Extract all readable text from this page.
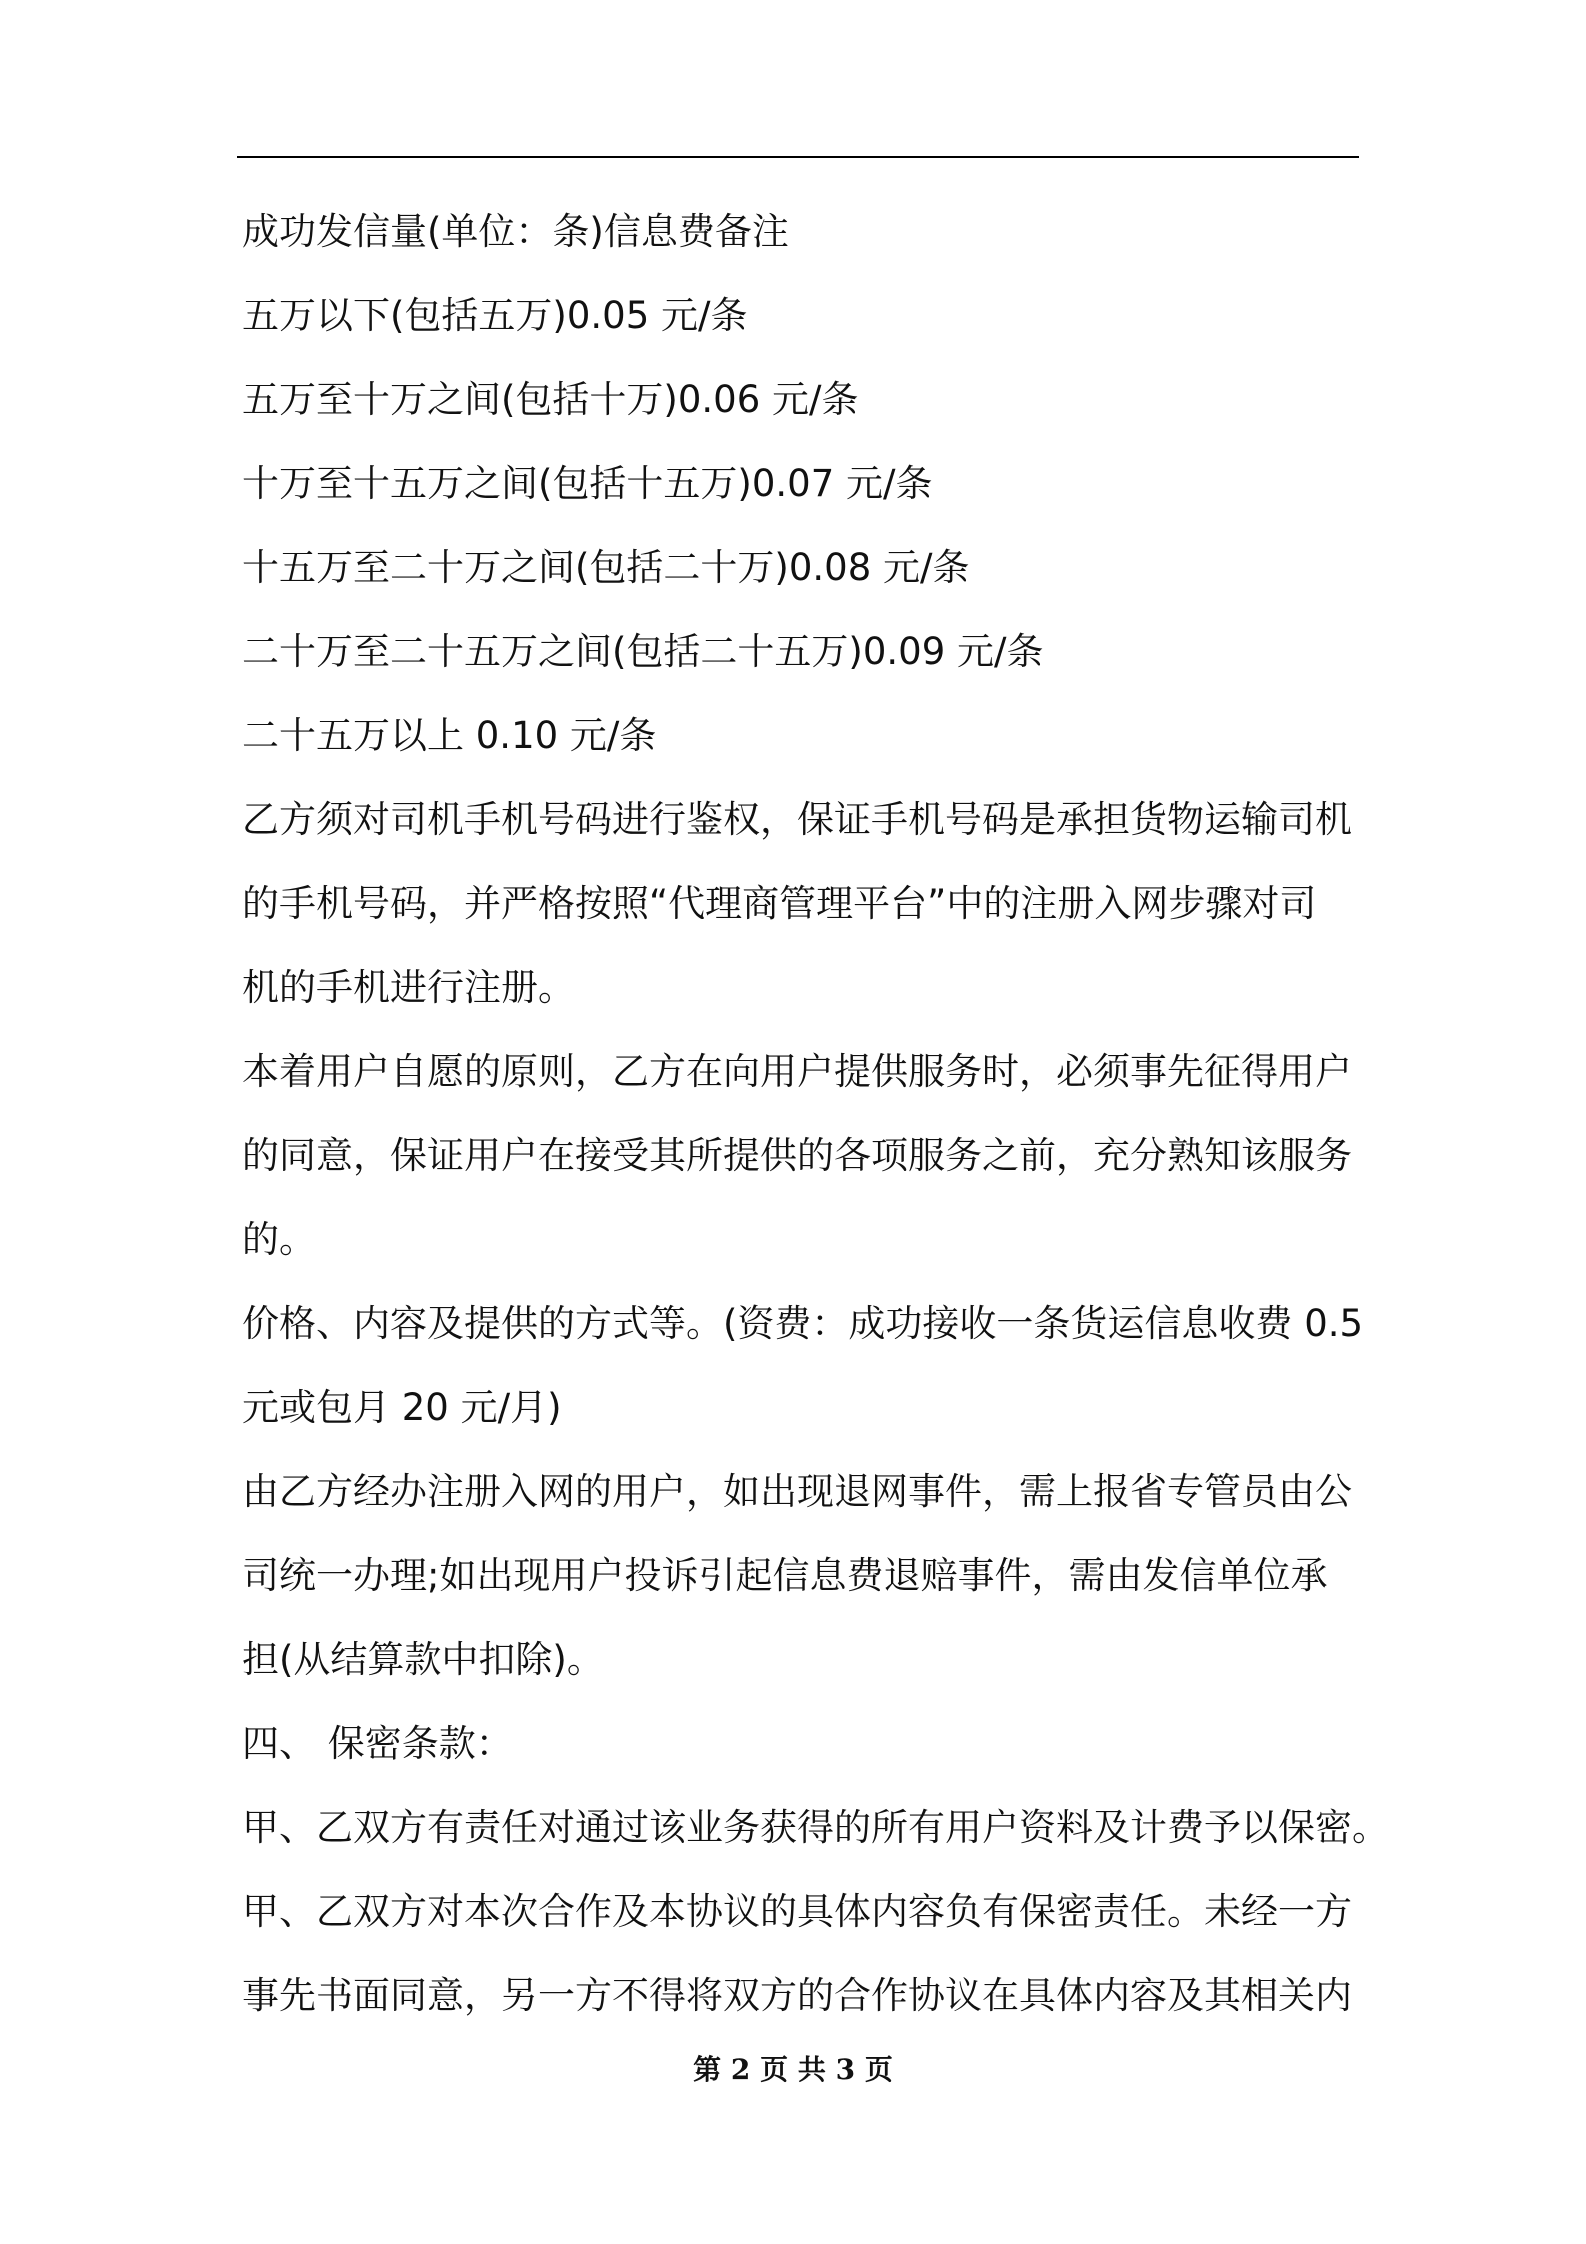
成功发信量(单位：条)信息费备注
五万以下(包括五万)0.05 元/条
五万至十万之间(包括十万)0.06 元/条
十万至十五万之间(包括十五万)0.07 元/条
十五万至二十万之间(包括二十万)0.08 元/条
二十万至二十五万之间(包括二十五万)0.09 元/条
二十五万以上 0.10 元/条
乙方须对司机手机号码进行鉴权，保证手机号码是承担货物运输司机
的手机号码，并严格按照“代理商管理平台”中的注册入网步骤对司
机的手机进行注册。
本着用户自愿的原则，乙方在向用户提供服务时，必须事先征得用户
的同意，保证用户在接受其所提供的各项服务之前，充分熟知该服务
的。
价格、内容及提供的方式等。(资费：成功接收一条货运信息收费 0.5
元或包月 20 元/月)
由乙方经办注册入网的用户，如出现退网事件，需上报省专管员由公
司统一办理;如出现用户投诉引起信息费退赔事件，需由发信单位承
担(从结算款中扣除)。
四、 保密条款：
甲、乙双方有责任对通过该业务获得的所有用户资料及计费予以保密。
甲、乙双方对本次合作及本协议的具体内容负有保密责任。未经一方
事先书面同意，另一方不得将双方的合作协议在具体内容及其相关内
第 2 页 共 3 页
